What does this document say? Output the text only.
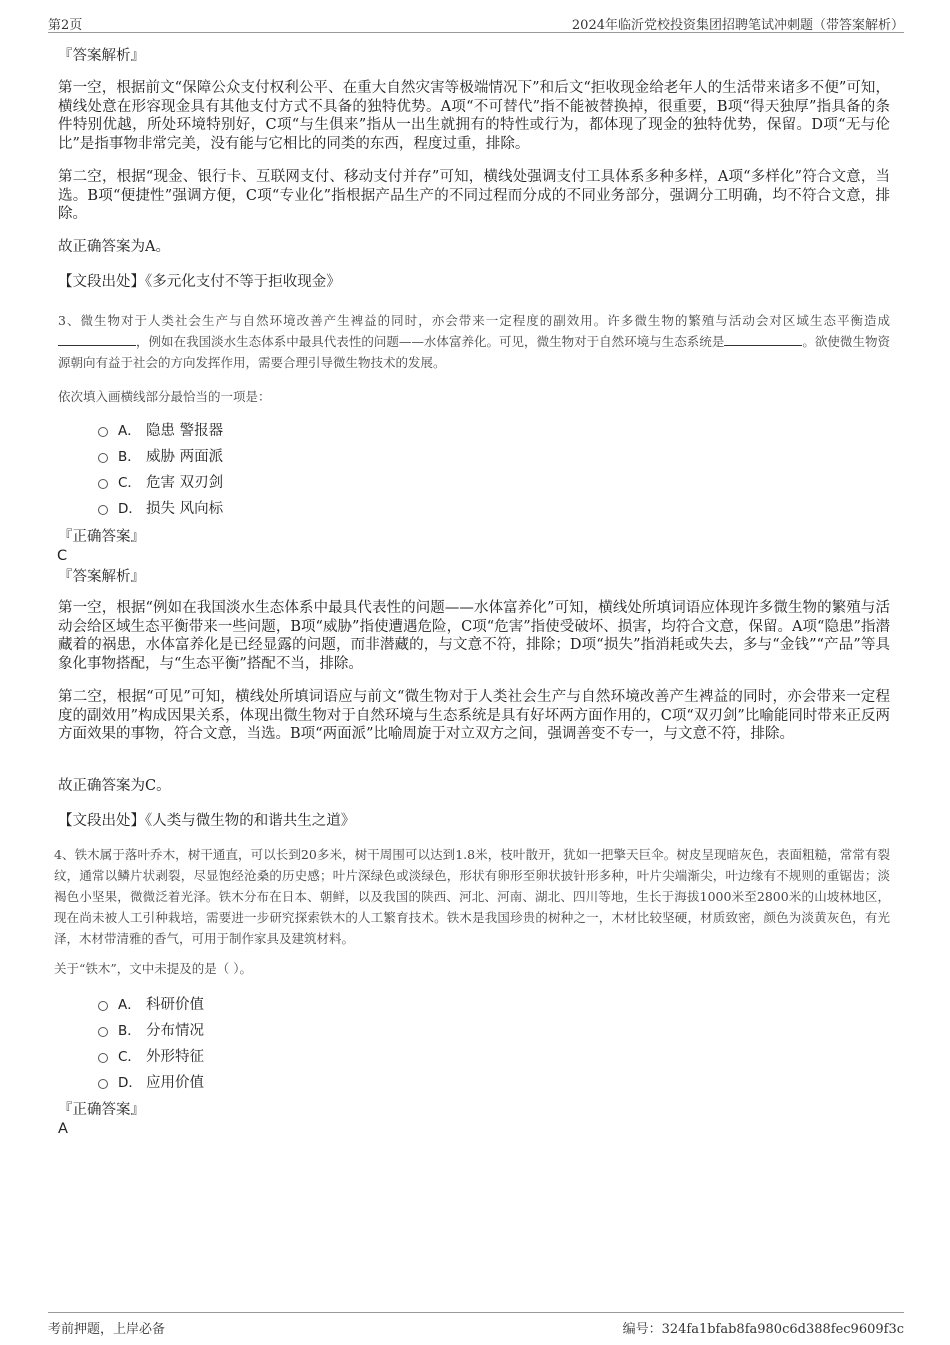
第2页	2024年临沂党校投资集团招聘笔试冲刺题（带答案解析）
『答案解析』

第一空，根据前文“保障公众支付权利公平、在重大自然灾害等极端情况下”和后文“拒收现金给老年人的生活带来诸多不便”可知，横线处意在形容现金具有其他支付方式不具备的独特优势。A项“不可替代”指不能被替换掉，很重要，B项“得天独厚”指具备的条件特别优越，所处环境特别好，C项“与生俱来”指从一出生就拥有的特性或行为，都体现了现金的独特优势，保留。D项“无与伦比”是指事物非常完美，没有能与它相比的同类的东西，程度过重，排除。

第二空，根据“现金、银行卡、互联网支付、移动支付并存”可知，横线处强调支付工具体系多种多样，A项“多样化”符合文意，当选。B项“便捷性”强调方便，C项“专业化”指根据产品生产的不同过程而分成的不同业务部分，强调分工明确，均不符合文意，排除。

故正确答案为A。
【文段出处】《多元化支付不等于拒收现金》

3、微生物对于人类社会生产与自然环境改善产生裨益的同时，亦会带来一定程度的副效用。许多微生物的繁殖与活动会对区域生态平衡造成，例如在我国淡水生态体系中最具代表性的问题——水体富养化。可见，微生物对于自然环境与生态系统是	。欲使微生物资源朝向有益于社会的方向发挥作用，需要合理引导微生物技术的发展。

依次填入画横线部分最恰当的一项是：

A． 隐患 警报器
B． 威胁 两面派
C． 危害 双刃剑
D． 损失 风向标
『正确答案』
C
『答案解析』

第一空，根据“例如在我国淡水生态体系中最具代表性的问题——水体富养化”可知，横线处所填词语应体现许多微生物的繁殖与活动会给区域生态平衡带来一些问题，B项“威胁”指使遭遇危险，C项“危害”指使受破坏、损害，均符合文意，保留。A项“隐患”指潜藏着的祸患，水体富养化是已经显露的问题，而非潜藏的，与文意不符，排除；D项“损失”指消耗或失去，多与“金钱”“产品”等具象化事物搭配，与“生态平衡”搭配不当，排除。

第二空，根据“可见”可知，横线处所填词语应与前文“微生物对于人类社会生产与自然环境改善产生裨益的同时，亦会带来一定程度的副效用”构成因果关系，体现出微生物对于自然环境与生态系统是具有好坏两方面作用的，C项“双刃剑”比喻能同时带来正反两方面效果的事物，符合文意，当选。B项“两面派”比喻周旋于对立双方之间，强调善变不专一，与文意不符，排除。

故正确答案为C。
【文段出处】《人类与微生物的和谐共生之道》

4、铁木属于落叶乔木，树干通直，可以长到20多米，树干周围可以达到1.8米，枝叶散开，犹如一把擎天巨伞。树皮呈现暗灰色，表面粗糙，常常有裂纹，通常以鳞片状剥裂，尽显饱经沧桑的历史感；叶片深绿色或淡绿色，形状有卵形至卵状披针形多种，叶片尖端渐尖，叶边缘有不规则的重锯齿；淡褐色小坚果，微微泛着光泽。铁木分布在日本、朝鲜，以及我国的陕西、河北、河南、湖北、四川等地，生长于海拔1000米至2800米的山坡林地区，现在尚未被人工引种栽培，需要进一步研究探索铁木的人工繁育技术。铁木是我国珍贵的树种之一，木材比较坚硬，材质致密，颜色为淡黄灰色，有光泽，木材带清雅的香气，可用于制作家具及建筑材料。

关于“铁木”，文中未提及的是（ ）。

A． 科研价值
B． 分布情况
C． 外形特征
D． 应用价值
『正确答案』
A
考前押题，上岸必备	编号：324fa1bfab8fa980c6d388fec9609f3c
